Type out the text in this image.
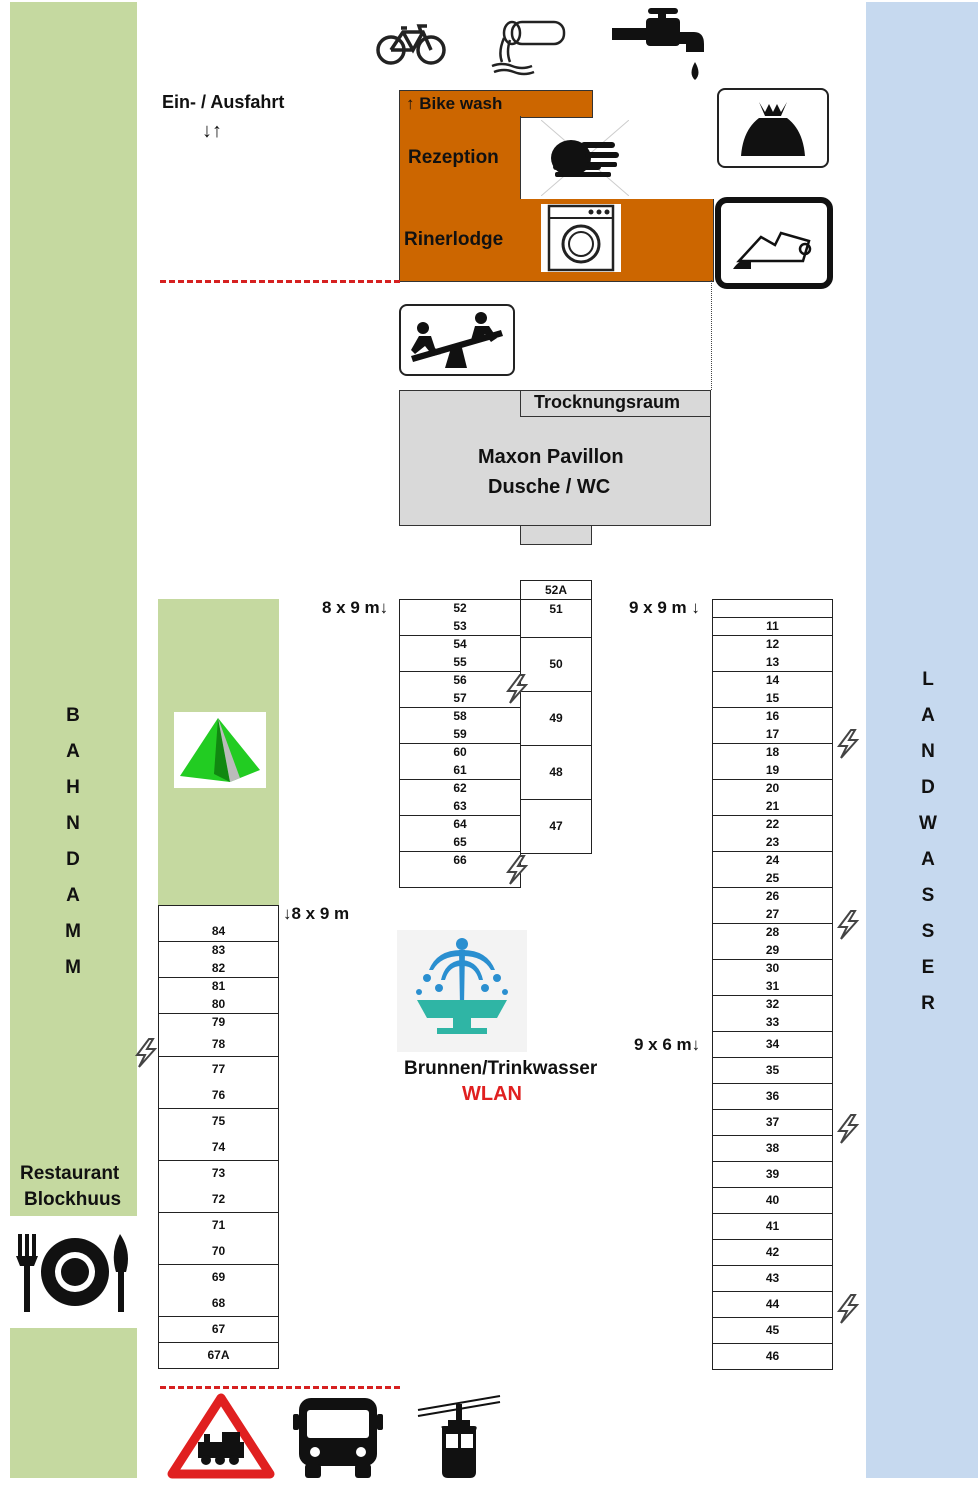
B
A
H
N
D
A
M
M
L
A
N
D
W
A
S
S
E
R
Ein- / Ausfahrt
↓↑
↑ Bike wash
Rezeption
Rinerlodge
Trocknungsraum
Maxon Pavillon
Dusche / WC
8 x 9 m↓	9 x 9 m ↓
↓8 x 9 m
9 x 6 m↓
52
53
54
55
56
57
58
59
60
61
62
63
64
65
66
52A
51
50
49
48
47
11
12
13
14
15
16
17
18
19
20
21
22
23
24
25
26
27
28
29
30
31
32
33
34
35
36
37
38
39
40
41
42
43
44
45
46
84
83
82
81
80
79
78
77
76
75
74
73
72
71
70
69
68
67
67A
Brunnen/Trinkwasser
WLAN
Restaurant
Blockhuus
